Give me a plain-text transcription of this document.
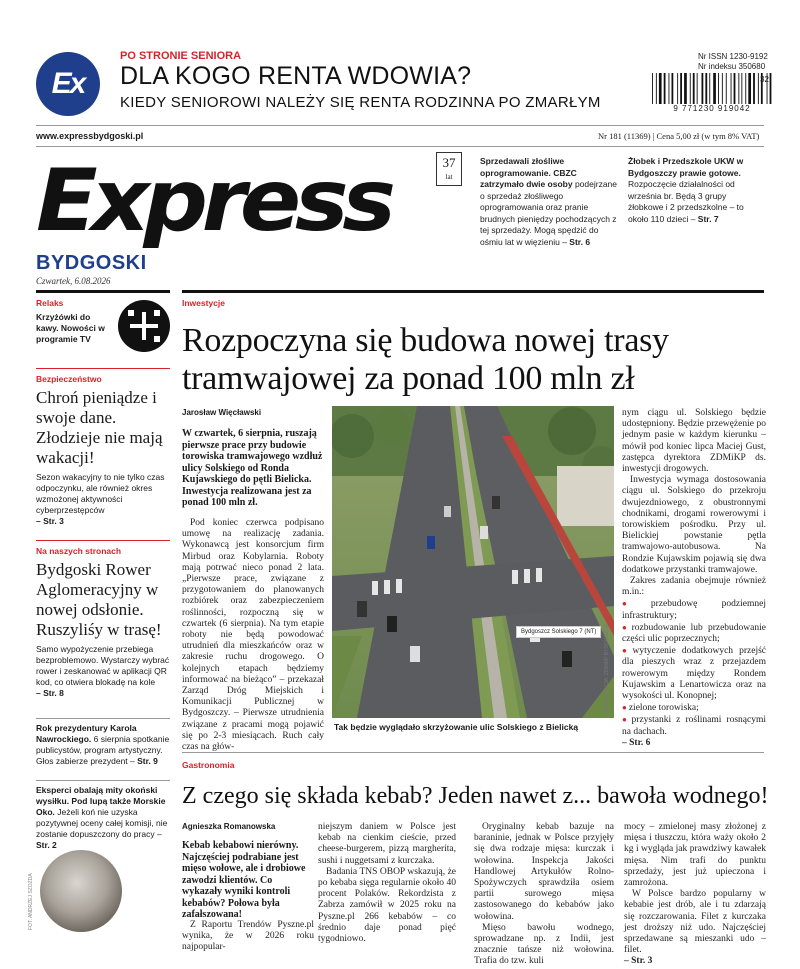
Ex
PO STRONIE SENIORA
DLA KOGO RENTA WDOWIA?
KIEDY SENIOROWI NALEŻY SIĘ RENTA RODZINNA PO ZMARŁYM
Nr ISSN 1230-9192
Nr indeksu 350680
9 771230 919042
32
www.expressbydgoski.pl	Nr 181 (11369) | Cena 5,00 zł (w tym 8% VAT)
Express
BYDGOSKI
37
lat
Czwartek, 6.08.2026
Sprzedawali złośliwe oprogramowanie. CBZC zatrzymało dwie osoby podejrzane o sprzedaż złośliwego oprogramowania oraz pranie brudnych pieniędzy pochodzących z tej sprzedaży. Mogą spędzić do ośmiu lat w więzieniu – Str. 6
Żłobek i Przedszkole UKW w Bydgoszczy prawie gotowe. Rozpoczęcie działalności od września br. Będą 3 grupy żłobkowe i 2 przedszkolne – to około 110 dzieci – Str. 7
Relaks
Krzyżówki do kawy. Nowości w programie TV
Bezpieczeństwo
Chroń pieniądze i swoje dane. Złodzieje nie mają wakacji!
Sezon wakacyjny to nie tylko czas odpoczynku, ale również okres wzmożonej aktywności cyberprzestępców
– Str. 3
Na naszych stronach
Bydgoski Rower Aglomeracyjny w nowej odsłonie. Ruszyliśy w trasę!
Samo wypożyczenie przebiega bezproblemowo. Wystarczy wybrać rower i zeskanować w aplikacji QR kod, co otwiera blokadę na kole
– Str. 8
Rok prezydentury Karola Nawrockiego. 6 sierpnia spotkanie publicystów, program artystyczny. Głos zabierze prezydent – Str. 9
Eksperci obalają mity okoński wysiłku. Pod lupą także Morskie Oko. Jeżeli koń nie uzyska pozytywnej oceny całej komisji, nie zostanie dopuszczony do pracy – Str. 2
FOT. ANDRZEJ SZOZDA
Inwestycje
Rozpoczyna się budowa nowej trasy tramwajowej za ponad 100 mln zł
Jarosław Więcławski
W czwartek, 6 sierpnia, ruszają pierwsze prace przy budowie torowiska tramwajowego wzdłuż ulicy Solskiego od Ronda Kujawskiego do pętli Bielicka. Inwestycja realizowana jest za ponad 100 mln zł.
Pod koniec czerwca podpisano umowę na realizację zadania. Wykonawcą jest konsorcjum firm Mirbud oraz Kobylarnia. Roboty mają potrwać nieco ponad 2 lata. „Pierwsze prace, związane z przygotowaniem do planowanych rozbiórek oraz zabezpieczeniem roślinności, rozpoczną się w czwartek (6 sierpnia). Na tym etapie roboty nie będą powodować utrudnień dla mieszkańców oraz w zakresie ruchu drogowego. O kolejnych etapach będziemy informować na bieżąco” – przekazał Zarząd Dróg Miejskich i Komunikacji Publicznej w Bydgoszczy. – Pierwsze utrudnienia związane z pracami mogą pojawić się po 2-3 miesiącach. Ruch cały czas na głów-
Bydgoszcz Solskiego 7 (NT)	WIZUALIZACJA: ZDMiKP BYDGOSZCZ
Tak będzie wyglądało skrzyżowanie ulic Solskiego z Bielicką

nym ciągu ul. Solskiego będzie udostępniony. Będzie przewężenie po jednym pasie w każdym kierunku – mówił pod koniec lipca Maciej Gust, zastępca dyrektora ZDMiKP ds. inwestycji drogowych.

Inwestycja wymaga dostosowania ciągu ul. Solskiego do przekroju dwujezdniowego, z obustronnymi chodnikami, drogami rowerowymi i torowiskiem pośrodku. Przy ul. Bielickiej powstanie pętla tramwajowo-autobusowa. Na Rondzie Kujawskim pojawią się dwa dodatkowe przystanki tramwajowe.

Zakres zadania obejmuje również m.in.:

● przebudowę podziemnej infrastruktury;

● rozbudowanie lub przebudowanie części ulic poprzecznych;

● wytyczenie dodatkowych przejść dla pieszych wraz z przejazdem rowerowym między Rondem Kujawskim a Lenartowicza oraz na wysokości ul. Konopnej;

● zielone torowiska;

● przystanki z roślinami rosnącymi na dachach.

– Str. 6

Gastronomia
Z czego się składa kebab? Jeden nawet z... bawoła wodnego!
Agnieszka Romanowska
Kebab kebabowi nierówny. Najczęściej podrabiane jest mięso wołowe, ale i drobiowe zawodzi klientów. Co wykazały wyniki kontroli kebabów? Połowa była zafałszowana!
Z Raportu Trendów Pyszne.pl wynika, że w 2026 roku najpopular-

niejszym daniem w Polsce jest kebab na cienkim cieście, przed cheese-burgerem, pizzą margherita, sushi i nuggetsami z kurczaka.

Badania TNS OBOP wskazują, że po kebaba sięga regularnie około 40 procent Polaków. Rekordzista z Zabrza zamówił w 2025 roku na Pyszne.pl 266 kebabów – co średnio daje ponad pięć tygodniowo.

Oryginalny kebab bazuje na baraninie, jednak w Polsce przyjęły się dwa rodzaje mięsa: kurczak i wołowina. Inspekcja Jakości Handlowej Artykułów Rolno-Spożywczych sprawdziła osiem partii surowego mięsa zastosowanego do kebabów jako wołowina.

Mięso bawołu wodnego, sprowadzane np. z Indii, jest znacznie tańsze niż wołowina. Trafia do tzw. kuli

mocy – zmielonej masy złożonej z mięsa i tłuszczu, która waży około 2 kg i wygląda jak prawdziwy kawałek mięsa. Nim trafi do punktu sprzedaży, jest już upieczona i zamrożona.

W Polsce bardzo popularny w kebabie jest drób, ale i tu zdarzają się rozczarowania. Filet z kurczaka jest droższy niż udo. Najczęściej sprzedawane są mieszanki udo – filet.

– Str. 3
